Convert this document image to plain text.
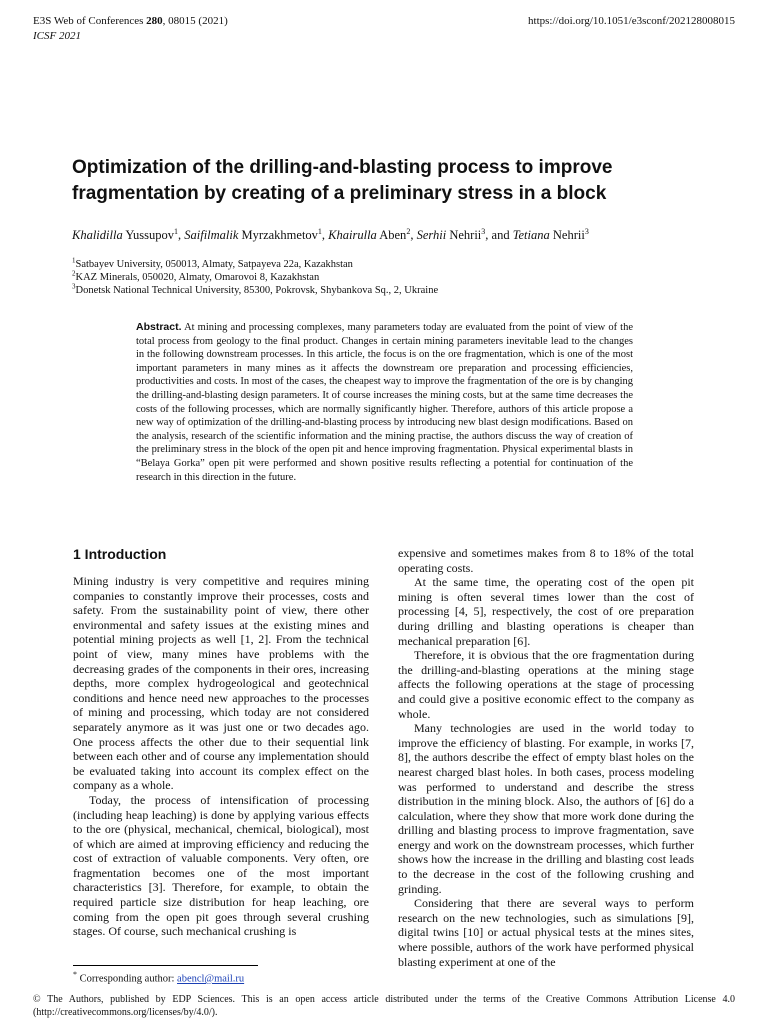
E3S Web of Conferences 280, 08015 (2021)	https://doi.org/10.1051/e3sconf/202128008015
ICSF 2021
Optimization of the drilling-and-blasting process to improve fragmentation by creating of a preliminary stress in a block
Khalidilla Yussupov$^1$, Saifilmalik Myrzakhmetov$^1$, Khairulla Aben$^2$, Serhii Nehrii$^3$, and Tetiana Nehrii$^3$
$^1$Satbayev University, 050013, Almaty, Satpayeva 22a, Kazakhstan
$^2$KAZ Minerals, 050020, Almaty, Omarovoi 8, Kazakhstan
$^3$Donetsk National Technical University, 85300, Pokrovsk, Shybankova Sq., 2, Ukraine

Abstract. At mining and processing complexes, many parameters today are evaluated from the point of view of the total process from geology to the final product. Changes in certain mining parameters inevitable lead to the changes in the following downstream processes. In this article, the focus is on the ore fragmentation, which is one of the most important parameters in many mines as it affects the downstream ore preparation and processing efficiencies, productivities and costs. In most of the cases, the cheapest way to improve the fragmentation of the ore is by changing the drilling-and-blasting design parameters. It of course increases the mining costs, but at the same time decreases the costs of the following processes, which are normally significantly higher. Therefore, authors of this article propose a new way of optimization of the drilling-and-blasting process by introducing new blast design modifications. Based on the analysis, research of the scientific information and the mining practise, the authors discuss the way of creation of the preliminary stress in the block of the open pit and hence improving fragmentation. Physical experimental blasts in “Belaya Gorka” open pit were performed and shown positive results reflecting a potential for continuation of the research in this direction in the future.

1 Introduction

Mining industry is very competitive and requires mining companies to constantly improve their processes, costs and safety. From the sustainability point of view, there other environmental and safety issues at the existing mines and potential mining projects as well [1, 2]. From the technical point of view, many mines have problems with the decreasing grades of the components in their ores, increasing depths, more complex hydrogeological and geotechnical conditions and hence need new approaches to the processes of mining and processing, which today are not considered separately anymore as it was just one or two decades ago. One process affects the other due to their sequential link between each other and of course any implementation should be evaluated taking into account its complex effect on the company as a whole.

Today, the process of intensification of processing (including heap leaching) is done by applying various effects to the ore (physical, mechanical, chemical, biological), most of which are aimed at improving efficiency and reducing the cost of extraction of valuable components. Very often, ore fragmentation becomes one of the most important characteristics [3]. Therefore, for example, to obtain the required particle size distribution for heap leaching, ore coming from the open pit goes through several crushing stages. Of course, such mechanical crushing is

expensive and sometimes makes from 8 to 18% of the total operating costs.

At the same time, the operating cost of the open pit mining is often several times lower than the cost of processing [4, 5], respectively, the cost of ore preparation during drilling and blasting operations is cheaper than mechanical preparation [6].

Therefore, it is obvious that the ore fragmentation during the drilling-and-blasting operations at the mining stage affects the following operations at the stage of processing and could give a positive economic effect to the company as whole.

Many technologies are used in the world today to improve the efficiency of blasting. For example, in works [7, 8], the authors describe the effect of empty blast holes on the nearest charged blast holes. In both cases, process modeling was performed to understand and describe the stress distribution in the mining block. Also, the authors of [6] do a calculation, where they show that more work done during the drilling and blasting process to improve fragmentation, save energy and work on the downstream processes, which further shows how the increase in the drilling and blasting cost leads to the decrease in the cost of the following crushing and grinding.

Considering that there are several ways to perform research on the new technologies, such as simulations [9], digital twins [10] or actual physical tests at the mines sites, where possible, authors of the work have performed physical blasting experiment at one of the

* Corresponding author: abencl@mail.ru
© The Authors, published by EDP Sciences. This is an open access article distributed under the terms of the Creative Commons Attribution License 4.0 (http://creativecommons.org/licenses/by/4.0/).
